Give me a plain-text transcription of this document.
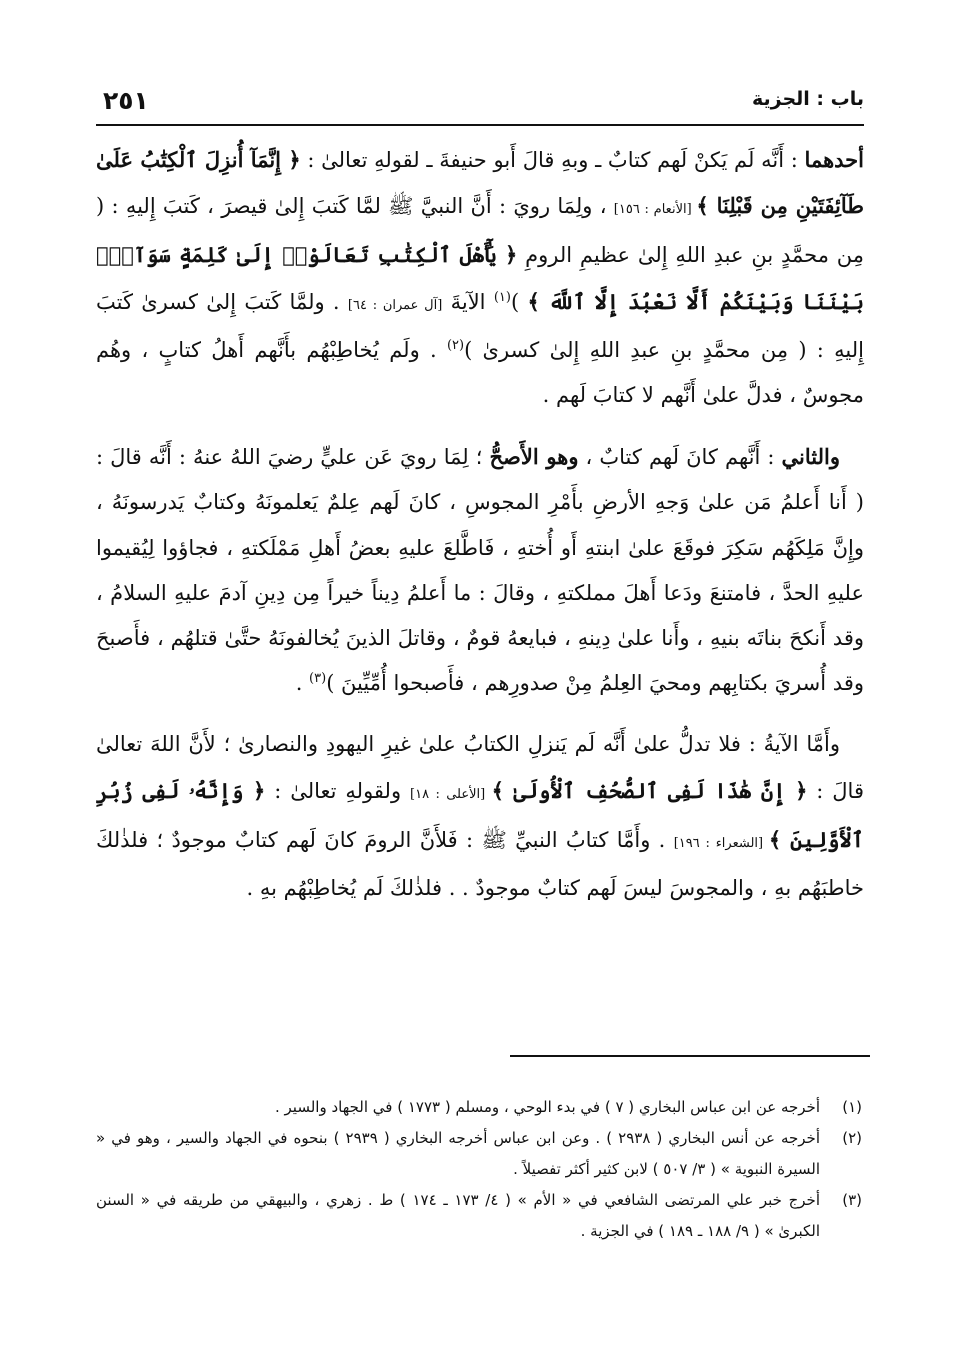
باب : الجزية
٢٥١

أحدهما : أَنَّه لَم يَكنْ لَهم كتابٌ ـ وبهِ قالَ أَبو حنيفةَ ـ لقولهِ تعالىٰ : ﴿ إِنَّمَآ أُنزِلَ ٱلْكِتَٰبُ عَلَىٰ طَآئِفَتَيْنِ مِن قَبْلِنَا ﴾ [الأنعام : ١٥٦] ، ولِمَا رويَ : أَنَّ النبيَّ ﷺ لمَّا كَتبَ إِلىٰ قيصرَ ، كَتبَ إِليهِ : ( مِن محمَّدٍ بنِ عبدِ اللهِ إِلىٰ عظيمِ الرومِ ﴿ يَٰٓأَهْلَ ٱلْكِتَٰبِ تَعَالَوْا۟ إِلَىٰ كَلِمَةٍ سَوَآءٍۭ بَيْنَنَا وَبَيْنَكُمْ أَلَّا نَعْبُدَ إِلَّا ٱللَّهَ ﴾ )$^{(١)}$ الآيةَ [آل عمران : ٦٤] . ولمَّا كَتبَ إِلىٰ كسرىٰ كَتبَ إِليهِ : ( مِن محمَّدٍ بنِ عبدِ اللهِ إِلىٰ كسرىٰ )$^{(٢)}$ . ولَم يُخاطِبْهُم بأَنَّهم أَهلُ كتابٍ ، وهُم مجوسٌ ، فدلَّ علىٰ أَنَّهم لا كتابَ لَهم .

والثاني : أَنَّهم كانَ لَهم كتابٌ ، وهو الأَصحُّ ؛ لِمَا رويَ عَن عليٍّ رضيَ اللهُ عنهُ : أَنَّه قالَ : ( أَنا أَعلمُ مَن علىٰ وَجهِ الأرضِ بأَمْرِ المجوسِ ، كانَ لَهم عِلمٌ يَعلمونَهُ وكتابٌ يَدرسونَهُ ، وإِنَّ مَلِكَهُم سَكِرَ فوقَعَ علىٰ ابنتهِ أَو أُختهِ ، فَاطَّلعَ عليهِ بعضُ أَهلِ مَمْلَكتهِ ، فجاؤوا لِيُقيموا عليهِ الحدَّ ، فامتنعَ ودَعا أَهلَ مملكتهِ ، وقالَ : ما أَعلمُ دِيناً خيراً مِن دِينِ آدمَ عليهِ السلامُ ، وقد أَنكحَ بناتَه بنيهِ ، وأَنا علىٰ دِينهِ ، فبايعهُ قومٌ ، وقاتلَ الذينَ يُخالفونَهُ حتَّىٰ قتلهُم ، فأَصبحَ وقد أُسريَ بكتابِهم ومحيَ العِلمُ مِنْ صدورِهم ، فأَصبحوا أُمِّيِّينَ )$^{(٣)}$ .

وأَمَّا الآيةُ : فلا تدلُّ علىٰ أَنَّه لَم يَنزلِ الكتابُ علىٰ غيرِ اليهودِ والنصارىٰ ؛ لأَنَّ اللهَ تعالىٰ قالَ : ﴿ إِنَّ هَٰذَا لَفِى ٱلصُّحُفِ ٱلْأُولَىٰ ﴾ [الأعلى : ١٨] ولقولهِ تعالىٰ : ﴿ وَإِنَّهُۥ لَفِى زُبُرِ ٱلْأَوَّلِينَ ﴾ [الشعراء : ١٩٦] . وأَمَّا كتابُ النبيِّ ﷺ : فَلأَنَّ الرومَ كانَ لَهم كتابٌ موجودٌ ؛ فلذٰلكَ خاطبَهُم بهِ ، والمجوسَ ليسَ لَهم كتابٌ موجودٌ . . فلذٰلكَ لَم يُخاطِبْهُم بهِ .

(١)
أخرجه عن ابن عباس البخاري ( ٧ ) في بدء الوحي ، ومسلم ( ١٧٧٣ ) في الجهاد والسير .
(٢)
أخرجه عن أنس البخاري ( ٢٩٣٨ ) . وعن ابن عباس أخرجه البخاري ( ٢٩٣٩ ) بنحوه في الجهاد والسير ، وهو في « السيرة النبوية » ( ٣/ ٥٠٧ ) لابن كثير أكثر تفصيلاً .
(٣)
أخرج خبر علي المرتضى الشافعي في « الأم » ( ٤/ ١٧٣ ـ ١٧٤ ) ط . زهري ، والبيهقي من طريقه في « السنن الكبرىٰ » ( ٩/ ١٨٨ ـ ١٨٩ ) في الجزية .
